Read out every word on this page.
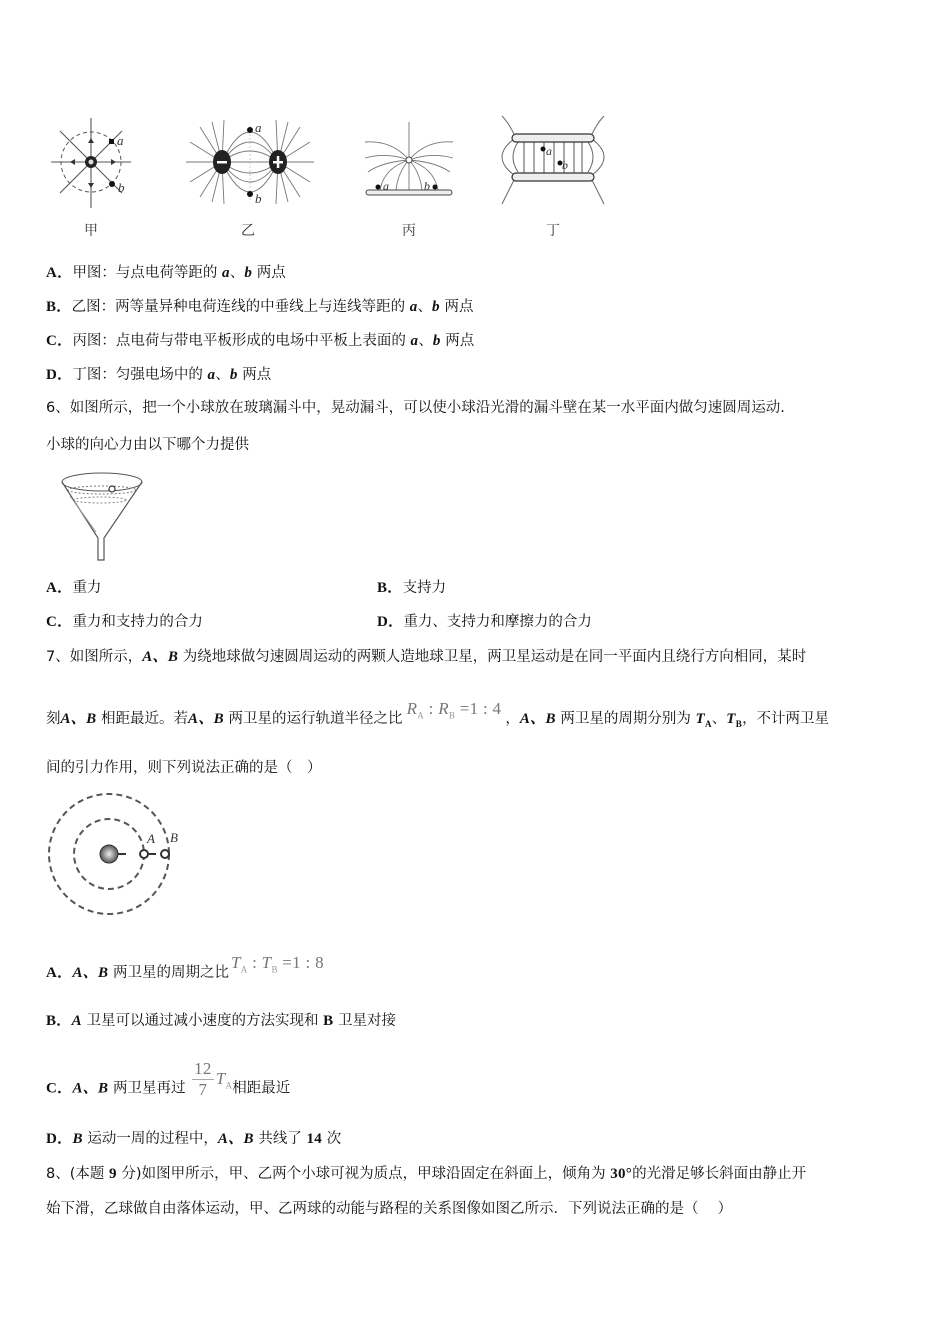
a
b
甲
a
b
乙
a	b
丙
a
b
丁
A．甲图：与点电荷等距的 a、b 两点
B．乙图：两等量异种电荷连线的中垂线上与连线等距的 a、b 两点
C．丙图：点电荷与带电平板形成的电场中平板上表面的 a、b 两点
D．丁图：匀强电场中的 a、b 两点
6、如图所示，把一个小球放在玻璃漏斗中，晃动漏斗，可以使小球沿光滑的漏斗壁在某一水平面内做匀速圆周运动.
小球的向心力由以下哪个力提供
A．重力	B．支持力
C．重力和支持力的合力	D．重力、支持力和摩擦力的合力
7、如图所示，A、B 为绕地球做匀速圆周运动的两颗人造地球卫星，两卫星运动是在同一平面内且绕行方向相同，某时
刻A、B 相距最近。若A、B 两卫星的运行轨道半径之比$R_A$ : $R_B =1$ : 4，A、B 两卫星的周期分别为 $T_A$、$T_B$，不计两卫星
间的引力作用，则下列说法正确的是（　）
A B
A．A、B 两卫星的周期之比$T_A$ : $T_B =1$ : 8
B．A 卫星可以通过减小速度的方法实现和 B 卫星对接
C．A、B 两卫星再过 $\frac{12}{7} T_A$相距最近
D．B 运动一周的过程中，A、B 共线了 14 次
8、(本题 9 分)如图甲所示，甲、乙两个小球可视为质点，甲球沿固定在斜面上，倾角为 30°的光滑足够长斜面由静止开
始下滑，乙球做自由落体运动，甲、乙两球的动能与路程的关系图像如图乙所示．下列说法正确的是（　 ）
